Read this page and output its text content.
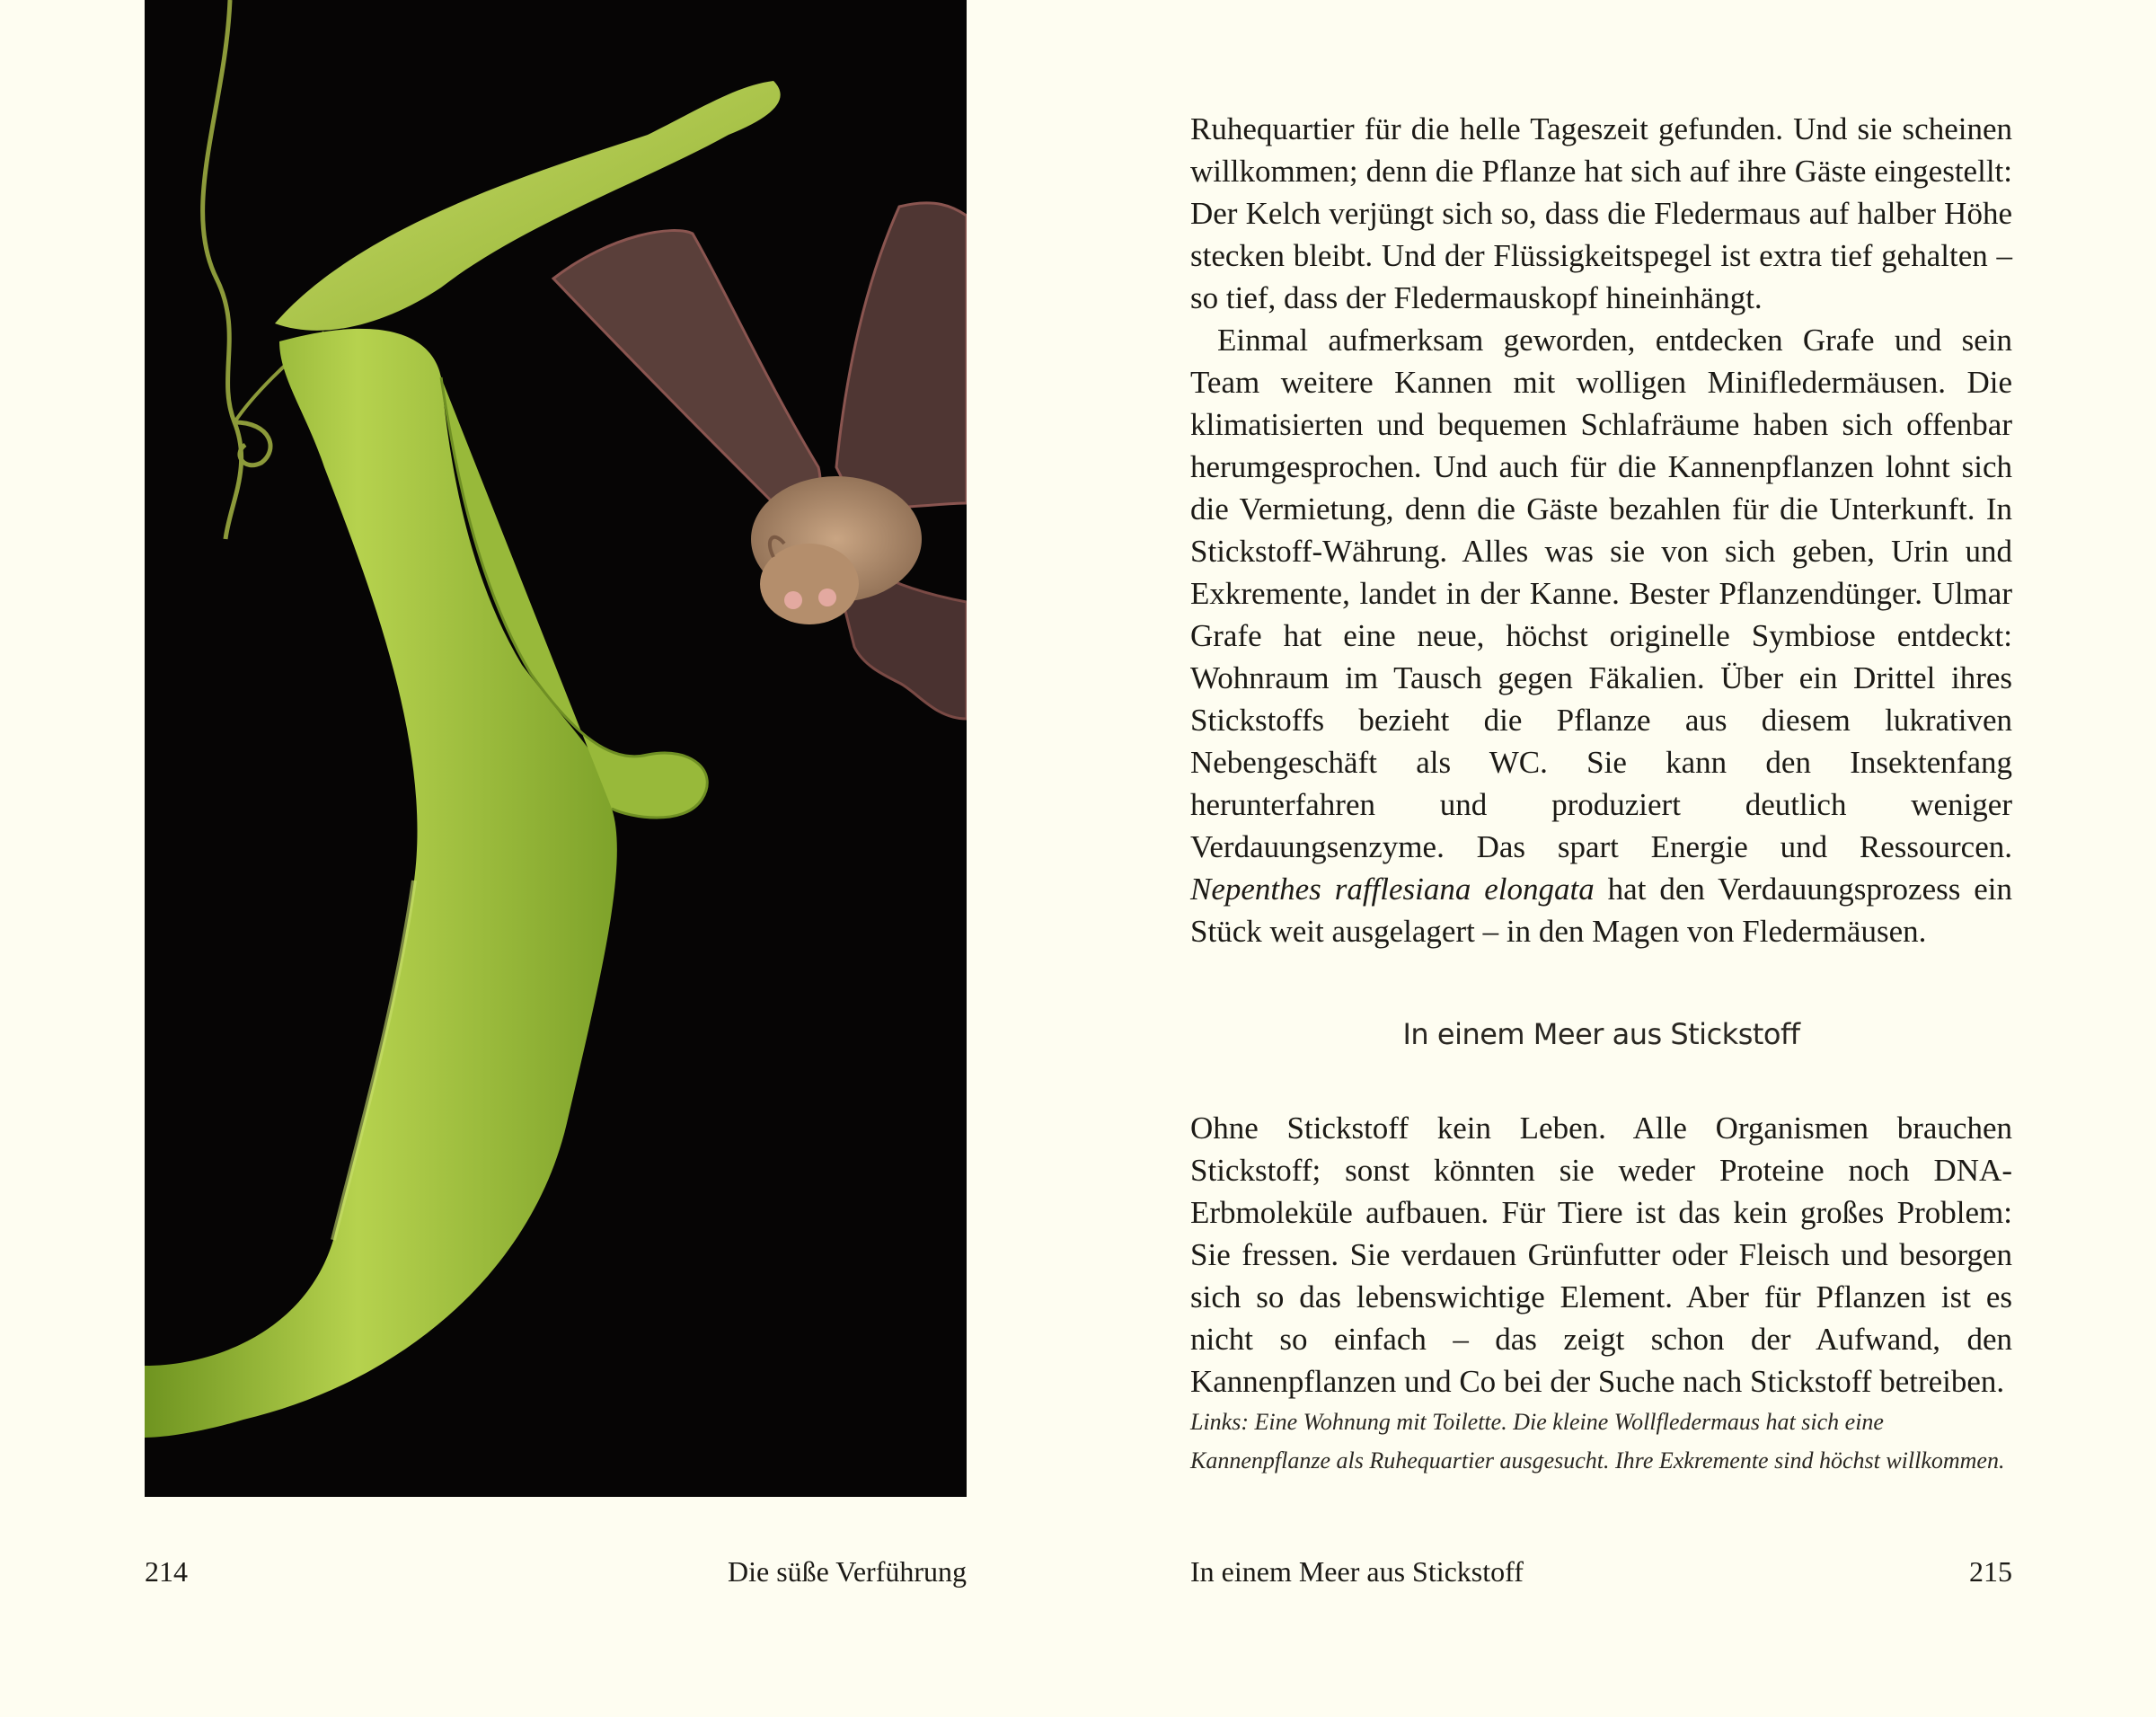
Ruhequartier für die helle Tageszeit gefunden. Und sie scheinen willkommen; denn die Pflanze hat sich auf ihre Gäste eingestellt: Der Kelch verjüngt sich so, dass die Fledermaus auf halber Höhe stecken bleibt. Und der Flüssigkeitspegel ist extra tief gehalten – so tief, dass der Fledermauskopf hineinhängt.

Einmal aufmerksam geworden, entdecken Grafe und sein Team weitere Kannen mit wolligen Minifledermäusen. Die klimatisierten und bequemen Schlafräume haben sich offenbar herumgesprochen. Und auch für die Kannenpflanzen lohnt sich die Vermietung, denn die Gäste bezahlen für die Unterkunft. In Stickstoff-Währung. Alles was sie von sich geben, Urin und Exkremente, landet in der Kanne. Bester Pflanzendünger. Ulmar Grafe hat eine neue, höchst originelle Symbiose entdeckt: Wohnraum im Tausch gegen Fäkalien. Über ein Drittel ihres Stickstoffs bezieht die Pflanze aus diesem lukrativen Nebengeschäft als WC. Sie kann den Insektenfang herunterfahren und produziert deutlich weniger Verdauungsenzyme. Das spart Energie und Ressourcen. Nepenthes rafflesiana elongata hat den Verdauungsprozess ein Stück weit ausgelagert – in den Magen von Fledermäusen.

In einem Meer aus Stickstoff

Ohne Stickstoff kein Leben. Alle Organismen brauchen Stickstoff; sonst könnten sie weder Proteine noch DNA-Erbmoleküle aufbauen. Für Tiere ist das kein großes Problem: Sie fressen. Sie verdauen Grünfutter oder Fleisch und besorgen sich so das lebenswichtige Element. Aber für Pflanzen ist es nicht so einfach – das zeigt schon der Aufwand, den Kannenpflanzen und Co bei der Suche nach Stickstoff betreiben.

Links: Eine Wohnung mit Toilette. Die kleine Wollfledermaus hat sich eine Kannenpflanze als Ruhequartier ausgesucht. Ihre Exkremente sind höchst willkommen.

214	Die süße Verführung	In einem Meer aus Stickstoff	215
